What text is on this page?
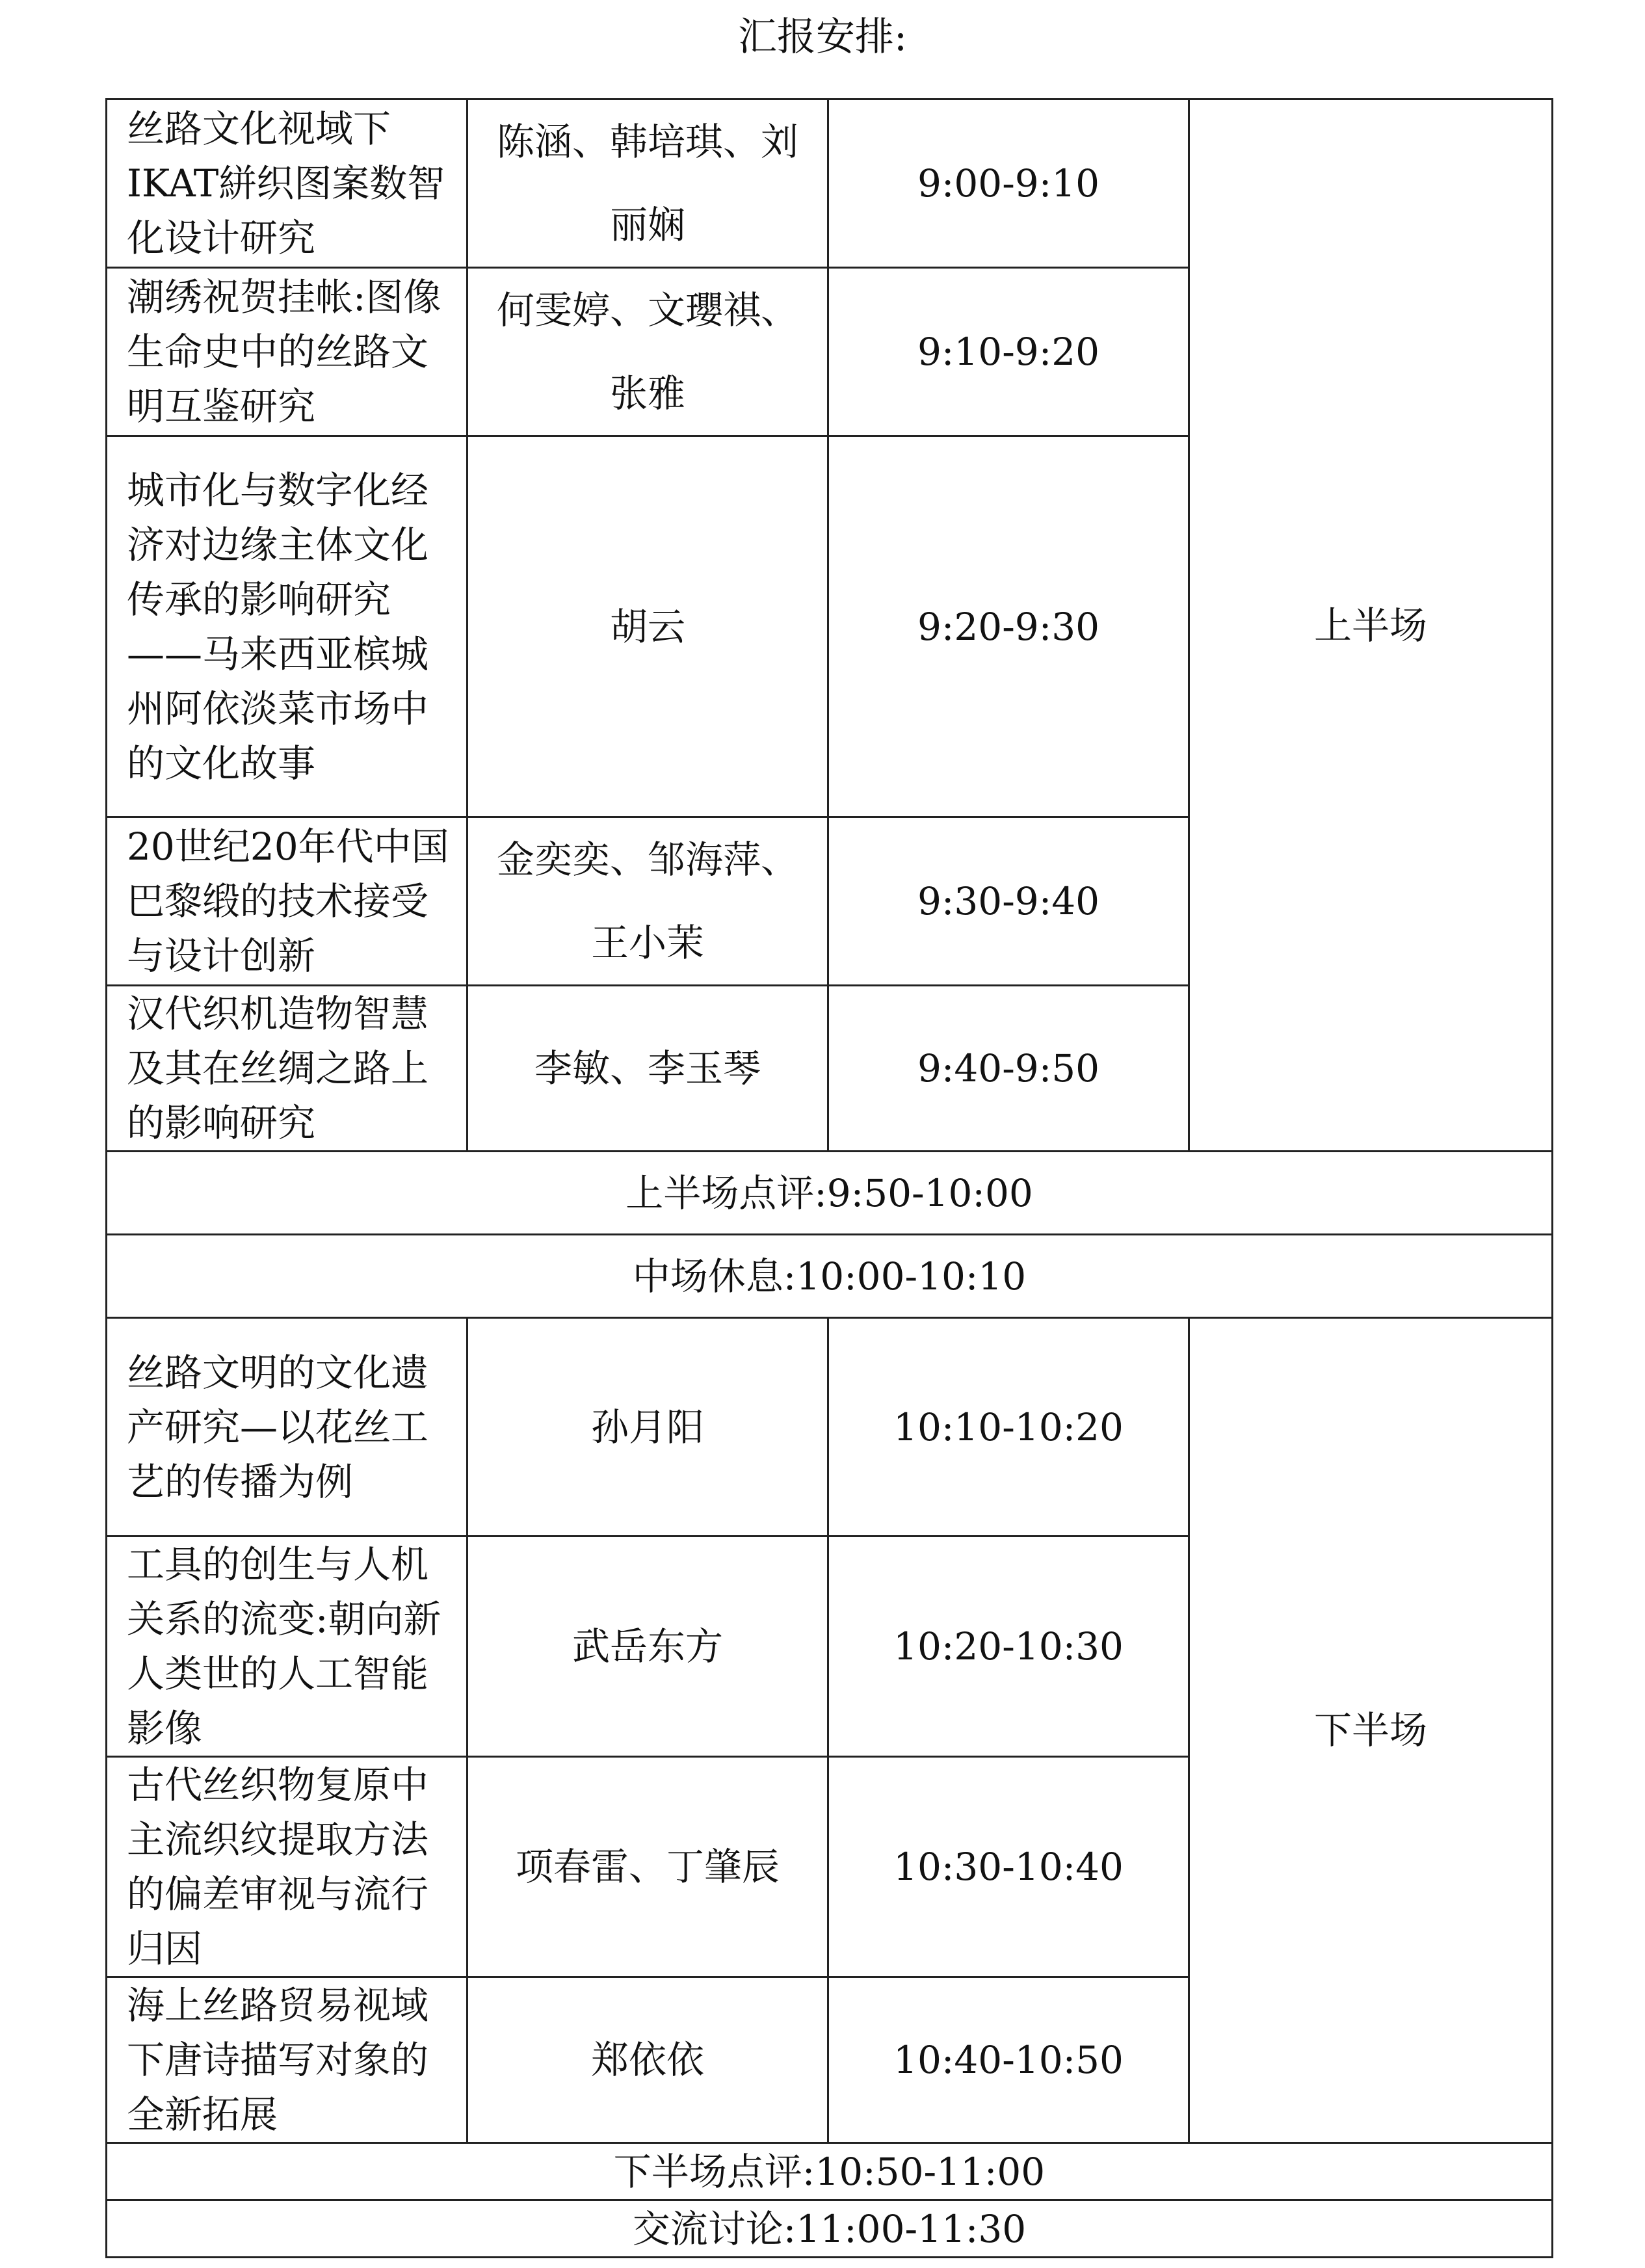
汇报安排:
丝路文化视域下IKAT絣织图案数智化设计研究	陈涵、韩培琪、刘丽娴	9:00-9:10	上半场
潮绣祝贺挂帐:图像生命史中的丝路文明互鉴研究	何雯婷、文瓔祺、张雅	9:10-9:20	
城市化与数字化经济对边缘主体文化传承的影响研究——马来西亚槟城州阿依淡菜市场中的文化故事	胡云	9:20-9:30	
20世纪20年代中国巴黎缎的技术接受与设计创新	金奕奕、邹海萍、王小茉	9:30-9:40	
汉代织机造物智慧及其在丝绸之路上的影响研究	李敏、李玉琴	9:40-9:50	
上半场点评:9:50-10:00			
中场休息:10:00-10:10			
丝路文明的文化遗产研究—以花丝工艺的传播为例	孙月阳	10:10-10:20	下半场
工具的创生与人机关系的流变:朝向新人类世的人工智能影像	武岳东方	10:20-10:30	
古代丝织物复原中主流织纹提取方法的偏差审视与流行归因	项春雷、丁肇辰	10:30-10:40	
海上丝路贸易视域下唐诗描写对象的全新拓展	郑依依	10:40-10:50	
下半场点评:10:50-11:00			
交流讨论:11:00-11:30			
